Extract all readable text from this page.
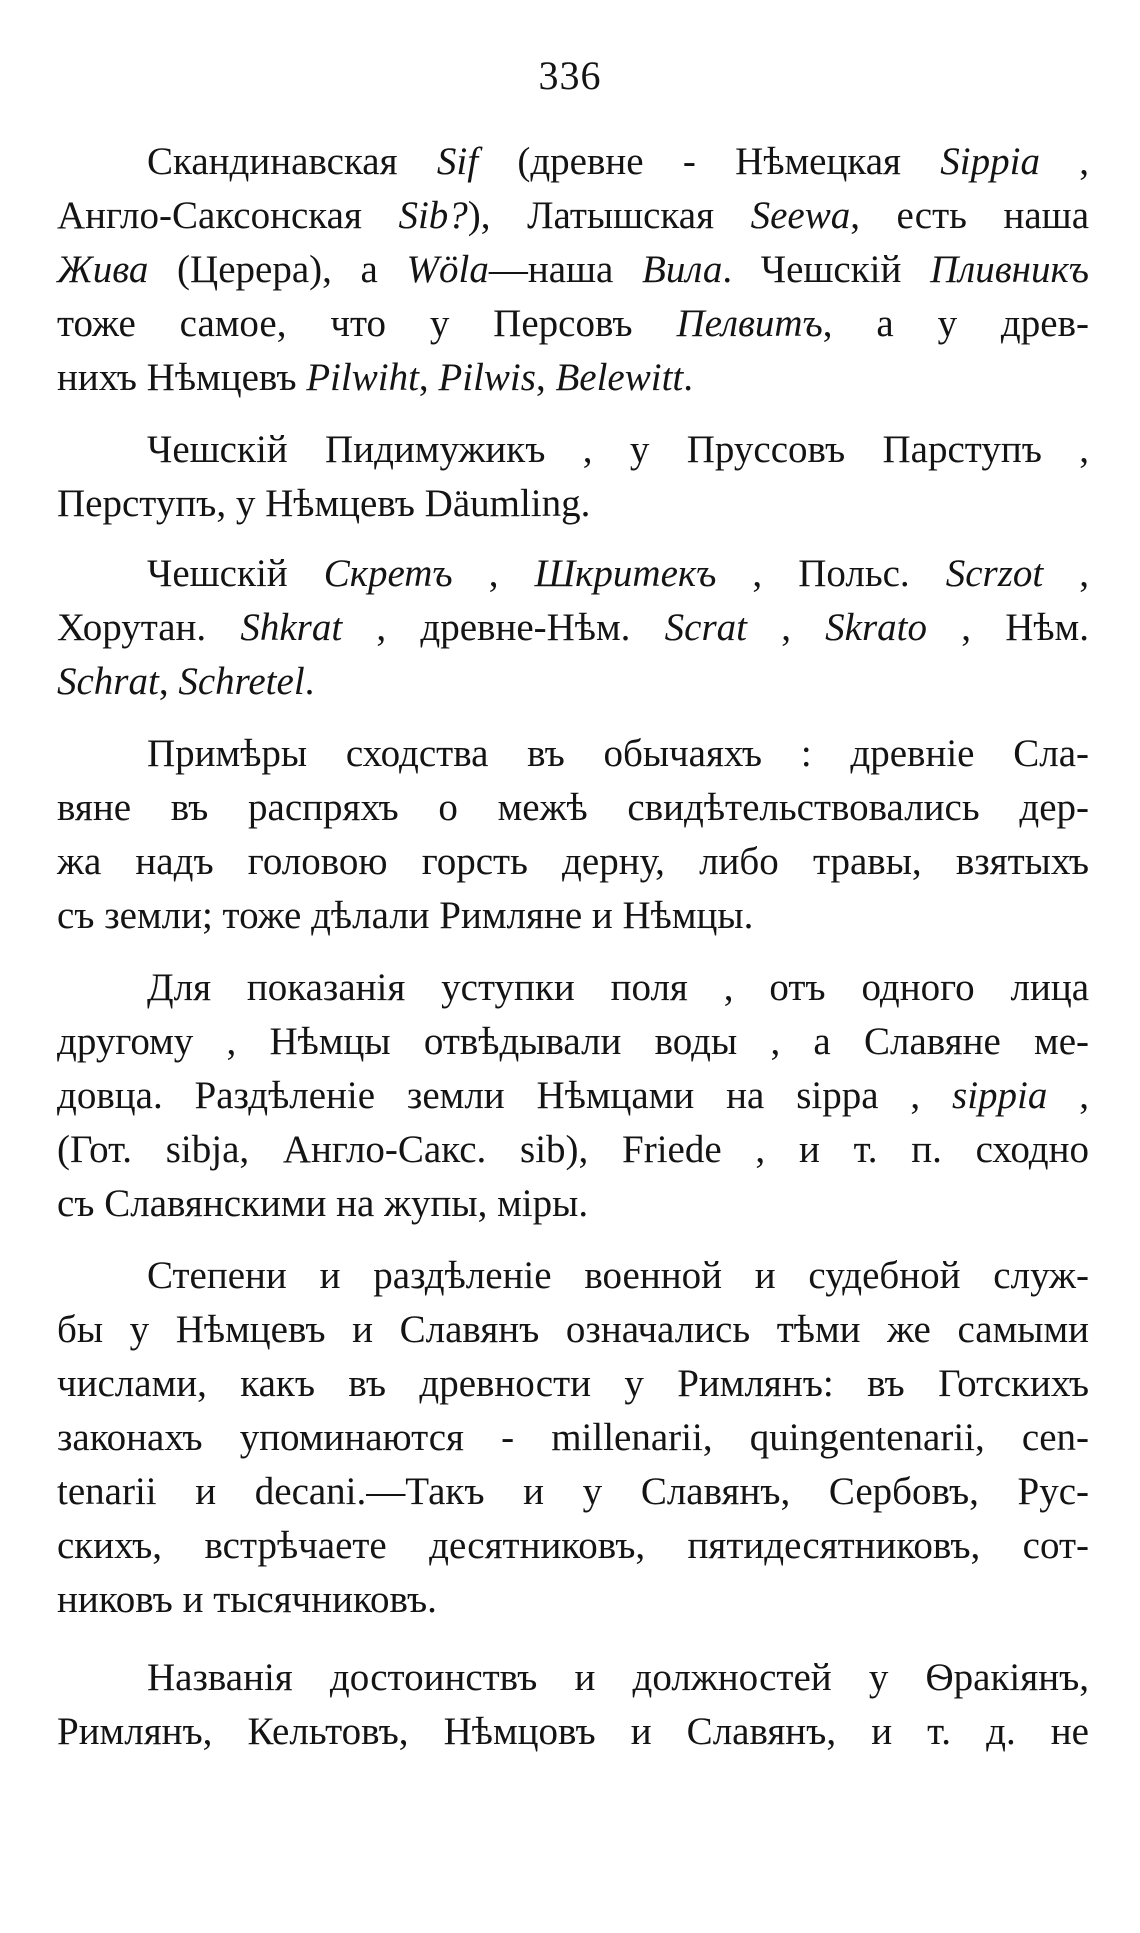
336
Скандинавская Sif (древне - Нѣмецкая Sippia ,
Англо-Саксонская Sib?), Латышская Seewa, есть наша
Жива (Церера), а Wöla—наша Вила. Чешскій Пливникъ
тоже самое, что у Персовъ Пелвитъ, а у древ-
нихъ Нѣмцевъ Pilwiht, Pilwis, Belewitt.
Чешскій Пидимужикъ , у Пруссовъ Парступъ ,
Перступъ, у Нѣмцевъ Däumling.
Чешскій Скретъ , Шкритекъ , Польс. Scrzot ,
Хорутан. Shkrat , древне-Нѣм. Scrat , Skrato , Нѣм.
Schrat, Schretel.
Примѣры сходства въ обычаяхъ : древніе Сла-
вяне въ распряхъ о межѣ свидѣтельствовались дер-
жа надъ головою горсть дерну, либо травы, взятыхъ
съ земли; тоже дѣлали Римляне и Нѣмцы.
Для показанія уступки поля , отъ одного лица
другому , Нѣмцы отвѣдывали воды , а Славяне ме-
довца. Раздѣленіе земли Нѣмцами на sippa , sippia ,
(Гот. sibja, Англо-Сакс. sib), Friede , и т. п. сходно
съ Славянскими на жупы, міры.
Степени и раздѣленіе военной и судебной служ-
бы у Нѣмцевъ и Славянъ означались тѣми же самыми
числами, какъ въ древности у Римлянъ: въ Готскихъ
законахъ упоминаются - millenarii, quingentenarii, cen-
tenarii и decani.—Такъ и у Славянъ, Сербовъ, Рус-
скихъ, встрѣчаете десятниковъ, пятидесятниковъ, сот-
никовъ и тысячниковъ.
Названія достоинствъ и должностей у Ѳракіянъ,
Римлянъ, Кельтовъ, Нѣмцовъ и Славянъ, и т. д. не
